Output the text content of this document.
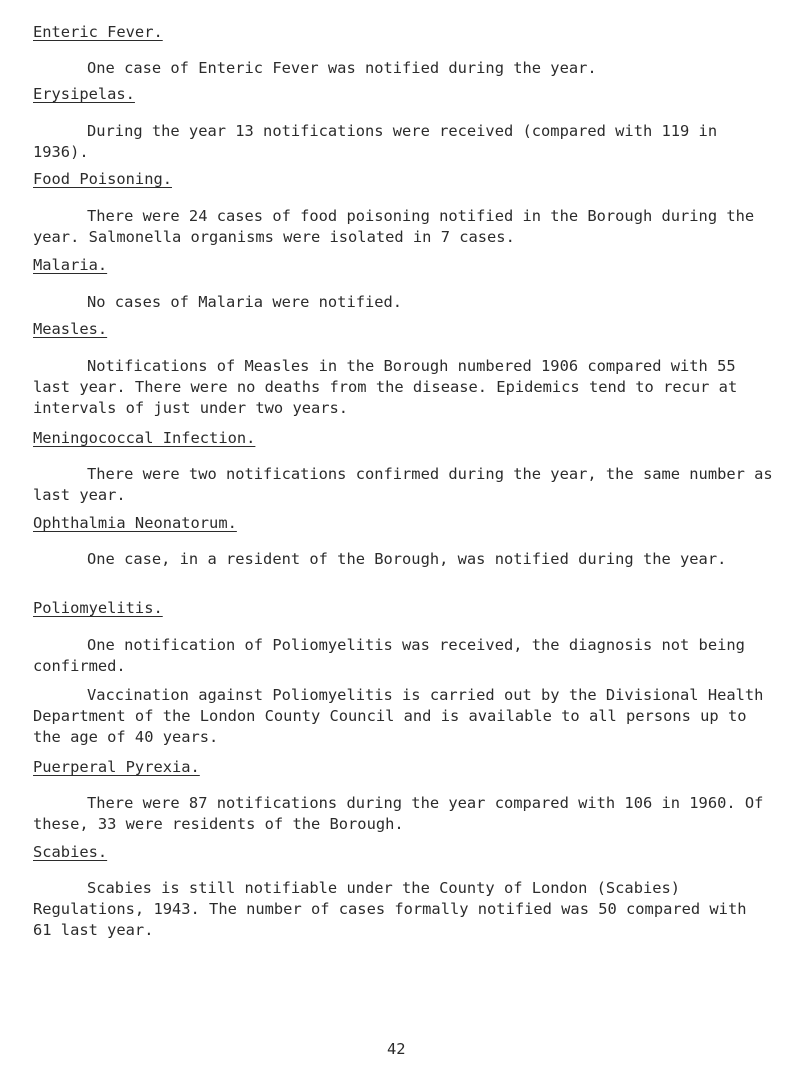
Enteric Fever.

One case of Enteric Fever was notified during the year.

Erysipelas.

During the year 13 notifications were received (compared with 119 in 1936).

Food Poisoning.

There were 24 cases of food poisoning notified in the Borough during the year. Salmonella organisms were isolated in 7 cases.

Malaria.

No cases of Malaria were notified.

Measles.

Notifications of Measles in the Borough numbered 1906 compared with 55 last year. There were no deaths from the disease. Epidemics tend to recur at intervals of just under two years.

Meningococcal Infection.

There were two notifications confirmed during the year, the same number as last year.

Ophthalmia Neonatorum.

One case, in a resident of the Borough, was notified during the year.

Poliomyelitis.

One notification of Poliomyelitis was received, the diagnosis not being confirmed.

Vaccination against Poliomyelitis is carried out by the Divisional Health Department of the London County Council and is available to all persons up to the age of 40 years.

Puerperal Pyrexia.

There were 87 notifications during the year compared with 106 in 1960. Of these, 33 were residents of the Borough.

Scabies.

Scabies is still notifiable under the County of London (Scabies) Regulations, 1943. The number of cases formally notified was 50 compared with 61 last year.

42
